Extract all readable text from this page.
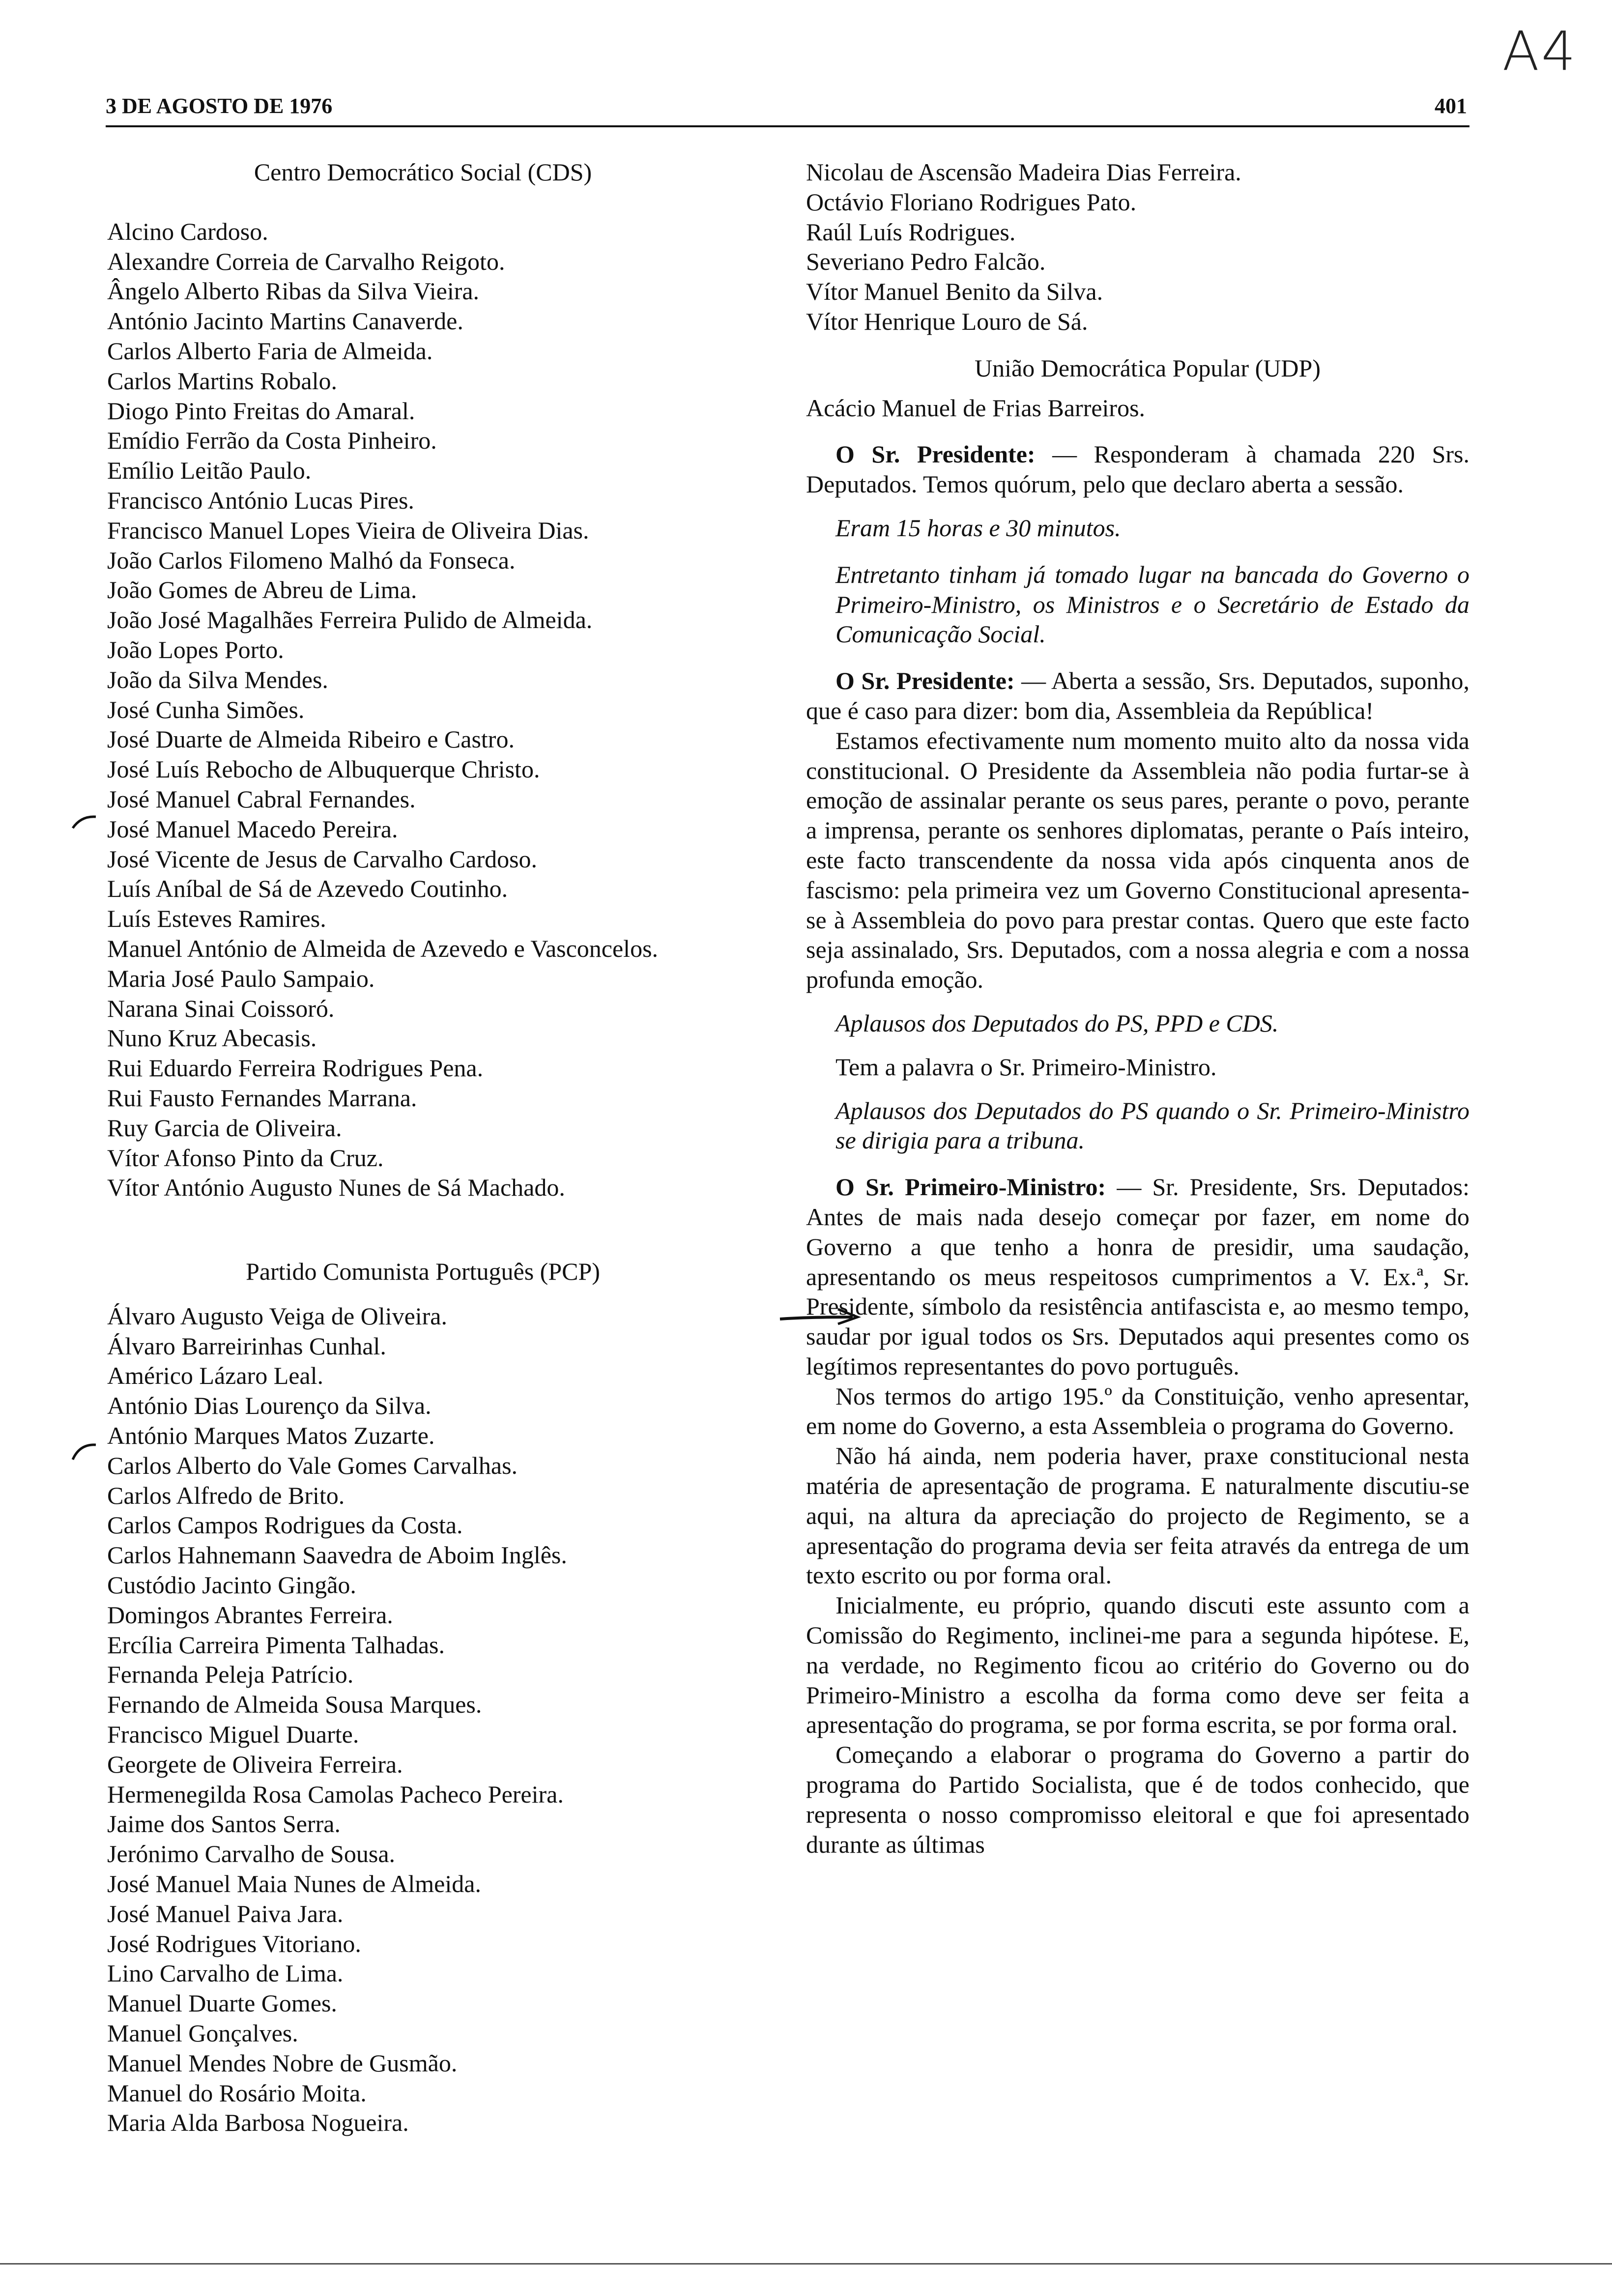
A4
3 DE AGOSTO DE 1976	401

Centro Democrático Social (CDS)

Alcino Cardoso.

Alexandre Correia de Carvalho Reigoto.

Ângelo Alberto Ribas da Silva Vieira.

António Jacinto Martins Canaverde.

Carlos Alberto Faria de Almeida.

Carlos Martins Robalo.

Diogo Pinto Freitas do Amaral.

Emídio Ferrão da Costa Pinheiro.

Emílio Leitão Paulo.

Francisco António Lucas Pires.

Francisco Manuel Lopes Vieira de Oliveira Dias.

João Carlos Filomeno Malhó da Fonseca.

João Gomes de Abreu de Lima.

João José Magalhães Ferreira Pulido de Almeida.

João Lopes Porto.

João da Silva Mendes.

José Cunha Simões.

José Duarte de Almeida Ribeiro e Castro.

José Luís Rebocho de Albuquerque Christo.

José Manuel Cabral Fernandes.

José Manuel Macedo Pereira.

José Vicente de Jesus de Carvalho Cardoso.

Luís Aníbal de Sá de Azevedo Coutinho.

Luís Esteves Ramires.

Manuel António de Almeida de Azevedo e Vasconcelos.

Maria José Paulo Sampaio.

Narana Sinai Coissoró.

Nuno Kruz Abecasis.

Rui Eduardo Ferreira Rodrigues Pena.

Rui Fausto Fernandes Marrana.

Ruy Garcia de Oliveira.

Vítor Afonso Pinto da Cruz.

Vítor António Augusto Nunes de Sá Machado.

Partido Comunista Português (PCP)

Álvaro Augusto Veiga de Oliveira.

Álvaro Barreirinhas Cunhal.

Américo Lázaro Leal.

António Dias Lourenço da Silva.

António Marques Matos Zuzarte.

Carlos Alberto do Vale Gomes Carvalhas.

Carlos Alfredo de Brito.

Carlos Campos Rodrigues da Costa.

Carlos Hahnemann Saavedra de Aboim Inglês.

Custódio Jacinto Gingão.

Domingos Abrantes Ferreira.

Ercília Carreira Pimenta Talhadas.

Fernanda Peleja Patrício.

Fernando de Almeida Sousa Marques.

Francisco Miguel Duarte.

Georgete de Oliveira Ferreira.

Hermenegilda Rosa Camolas Pacheco Pereira.

Jaime dos Santos Serra.

Jerónimo Carvalho de Sousa.

José Manuel Maia Nunes de Almeida.

José Manuel Paiva Jara.

José Rodrigues Vitoriano.

Lino Carvalho de Lima.

Manuel Duarte Gomes.

Manuel Gonçalves.

Manuel Mendes Nobre de Gusmão.

Manuel do Rosário Moita.

Maria Alda Barbosa Nogueira.

Nicolau de Ascensão Madeira Dias Ferreira.

Octávio Floriano Rodrigues Pato.

Raúl Luís Rodrigues.

Severiano Pedro Falcão.

Vítor Manuel Benito da Silva.

Vítor Henrique Louro de Sá.

União Democrática Popular (UDP)

Acácio Manuel de Frias Barreiros.

O Sr. Presidente: — Responderam à chamada 220 Srs. Deputados. Temos quórum, pelo que declaro aberta a sessão.

Eram 15 horas e 30 minutos.

Entretanto tinham já tomado lugar na bancada do Governo o Primeiro-Ministro, os Ministros e o Secretário de Estado da Comunicação Social.

O Sr. Presidente: — Aberta a sessão, Srs. Deputados, suponho, que é caso para dizer: bom dia, Assembleia da República!

Estamos efectivamente num momento muito alto da nossa vida constitucional. O Presidente da Assembleia não podia furtar-se à emoção de assinalar perante os seus pares, perante o povo, perante a imprensa, perante os senhores diplomatas, perante o País inteiro, este facto transcendente da nossa vida após cinquenta anos de fascismo: pela primeira vez um Governo Constitucional apresenta-se à Assembleia do povo para prestar contas. Quero que este facto seja assinalado, Srs. Deputados, com a nossa alegria e com a nossa profunda emoção.

Aplausos dos Deputados do PS, PPD e CDS.

Tem a palavra o Sr. Primeiro-Ministro.

Aplausos dos Deputados do PS quando o Sr. Primeiro-Ministro se dirigia para a tribuna.

O Sr. Primeiro-Ministro: — Sr. Presidente, Srs. Deputados: Antes de mais nada desejo começar por fazer, em nome do Governo a que tenho a honra de presidir, uma saudação, apresentando os meus respeitosos cumprimentos a V. Ex.ª, Sr. Presidente, símbolo da resistência antifascista e, ao mesmo tempo, saudar por igual todos os Srs. Deputados aqui presentes como os legítimos representantes do povo português.

Nos termos do artigo 195.º da Constituição, venho apresentar, em nome do Governo, a esta Assembleia o programa do Governo.

Não há ainda, nem poderia haver, praxe constitucional nesta matéria de apresentação de programa. E naturalmente discutiu-se aqui, na altura da apreciação do projecto de Regimento, se a apresentação do programa devia ser feita através da entrega de um texto escrito ou por forma oral.

Inicialmente, eu próprio, quando discuti este assunto com a Comissão do Regimento, inclinei-me para a segunda hipótese. E, na verdade, no Regimento ficou ao critério do Governo ou do Primeiro-Ministro a escolha da forma como deve ser feita a apresentação do programa, se por forma escrita, se por forma oral.

Começando a elaborar o programa do Governo a partir do programa do Partido Socialista, que é de todos conhecido, que representa o nosso compromisso eleitoral e que foi apresentado durante as últimas
